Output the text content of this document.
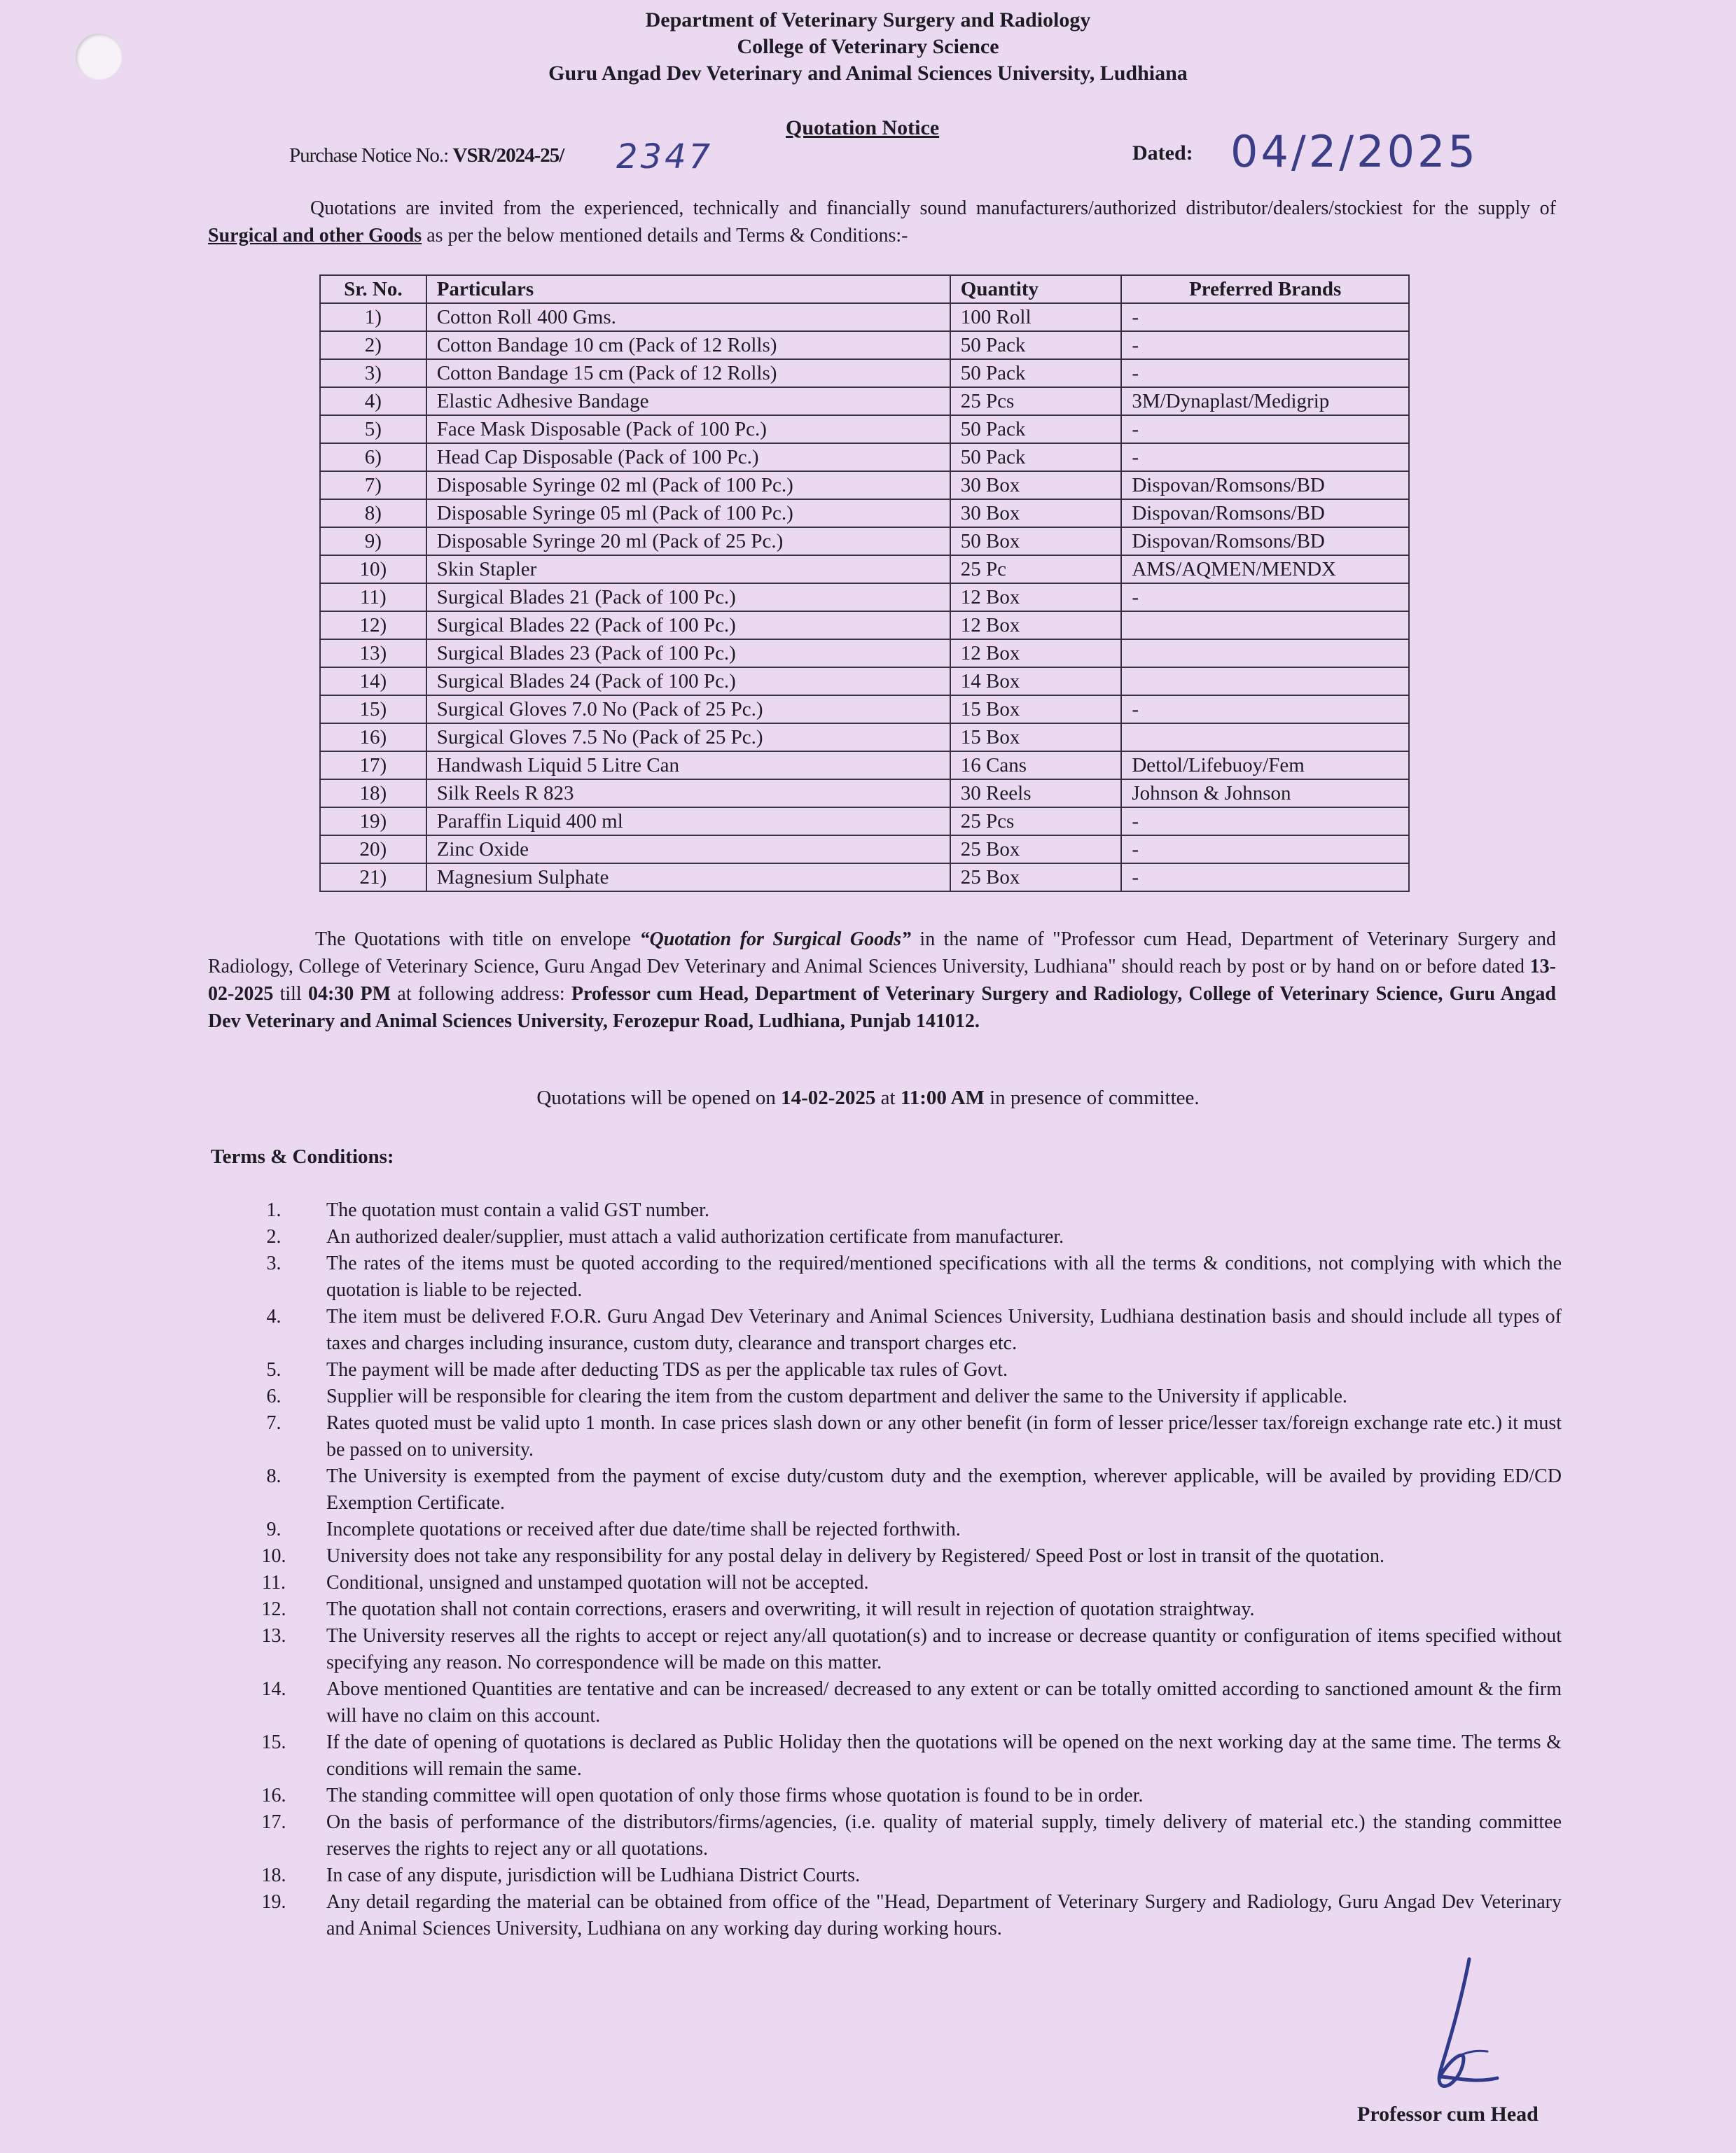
Department of Veterinary Surgery and Radiology
College of Veterinary Science
Guru Angad Dev Veterinary and Animal Sciences University, Ludhiana
Quotation Notice
Purchase Notice No.: VSR/2024-25/ 2347	Dated: 04/2/2025
Quotations are invited from the experienced, technically and financially sound manufacturers/authorized distributor/dealers/stockiest for the supply of Surgical and other Goods as per the below mentioned details and Terms & Conditions:-
Sr. No.	Particulars	Quantity	Preferred Brands
1)	Cotton Roll 400 Gms.	100 Roll	-
2)	Cotton Bandage 10 cm (Pack of 12 Rolls)	50 Pack	-
3)	Cotton Bandage 15 cm (Pack of 12 Rolls)	50 Pack	-
4)	Elastic Adhesive Bandage	25 Pcs	3M/Dynaplast/Medigrip
5)	Face Mask Disposable (Pack of 100 Pc.)	50 Pack	-
6)	Head Cap Disposable (Pack of 100 Pc.)	50 Pack	-
7)	Disposable Syringe 02 ml (Pack of 100 Pc.)	30 Box	Dispovan/Romsons/BD
8)	Disposable Syringe 05 ml (Pack of 100 Pc.)	30 Box	Dispovan/Romsons/BD
9)	Disposable Syringe 20 ml (Pack of 25 Pc.)	50 Box	Dispovan/Romsons/BD
10)	Skin Stapler	25 Pc	AMS/AQMEN/MENDX
11)	Surgical Blades 21 (Pack of 100 Pc.)	12 Box	-
12)	Surgical Blades 22 (Pack of 100 Pc.)	12 Box	
13)	Surgical Blades 23 (Pack of 100 Pc.)	12 Box	
14)	Surgical Blades 24 (Pack of 100 Pc.)	14 Box	
15)	Surgical Gloves 7.0 No (Pack of 25 Pc.)	15 Box	-
16)	Surgical Gloves 7.5 No (Pack of 25 Pc.)	15 Box	
17)	Handwash Liquid 5 Litre Can	16 Cans	Dettol/Lifebuoy/Fem
18)	Silk Reels R 823	30 Reels	Johnson & Johnson
19)	Paraffin Liquid 400 ml	25 Pcs	-
20)	Zinc Oxide	25 Box	-
21)	Magnesium Sulphate	25 Box	-
The Quotations with title on envelope “Quotation for Surgical Goods” in the name of "Professor cum Head, Department of Veterinary Surgery and Radiology, College of Veterinary Science, Guru Angad Dev Veterinary and Animal Sciences University, Ludhiana" should reach by post or by hand on or before dated 13-02-2025 till 04:30 PM at following address: Professor cum Head, Department of Veterinary Surgery and Radiology, College of Veterinary Science, Guru Angad Dev Veterinary and Animal Sciences University, Ferozepur Road, Ludhiana, Punjab 141012.
Quotations will be opened on 14-02-2025 at 11:00 AM in presence of committee.
Terms & Conditions:
1.	The quotation must contain a valid GST number.
2.	An authorized dealer/supplier, must attach a valid authorization certificate from manufacturer.
3.	The rates of the items must be quoted according to the required/mentioned specifications with all the terms & conditions, not complying with which the quotation is liable to be rejected.
4.	The item must be delivered F.O.R. Guru Angad Dev Veterinary and Animal Sciences University, Ludhiana destination basis and should include all types of taxes and charges including insurance, custom duty, clearance and transport charges etc.
5.	The payment will be made after deducting TDS as per the applicable tax rules of Govt.
6.	Supplier will be responsible for clearing the item from the custom department and deliver the same to the University if applicable.
7.	Rates quoted must be valid upto 1 month. In case prices slash down or any other benefit (in form of lesser price/lesser tax/foreign exchange rate etc.) it must be passed on to university.
8.	The University is exempted from the payment of excise duty/custom duty and the exemption, wherever applicable, will be availed by providing ED/CD Exemption Certificate.
9.	Incomplete quotations or received after due date/time shall be rejected forthwith.
10.	University does not take any responsibility for any postal delay in delivery by Registered/ Speed Post or lost in transit of the quotation.
11.	Conditional, unsigned and unstamped quotation will not be accepted.
12.	The quotation shall not contain corrections, erasers and overwriting, it will result in rejection of quotation straightway.
13.	The University reserves all the rights to accept or reject any/all quotation(s) and to increase or decrease quantity or configuration of items specified without specifying any reason. No correspondence will be made on this matter.
14.	Above mentioned Quantities are tentative and can be increased/ decreased to any extent or can be totally omitted according to sanctioned amount & the firm will have no claim on this account.
15.	If the date of opening of quotations is declared as Public Holiday then the quotations will be opened on the next working day at the same time. The terms & conditions will remain the same.
16.	The standing committee will open quotation of only those firms whose quotation is found to be in order.
17.	On the basis of performance of the distributors/firms/agencies, (i.e. quality of material supply, timely delivery of material etc.) the standing committee reserves the rights to reject any or all quotations.
18.	In case of any dispute, jurisdiction will be Ludhiana District Courts.
19.	Any detail regarding the material can be obtained from office of the "Head, Department of Veterinary Surgery and Radiology, Guru Angad Dev Veterinary and Animal Sciences University, Ludhiana on any working day during working hours.
Professor cum Head
